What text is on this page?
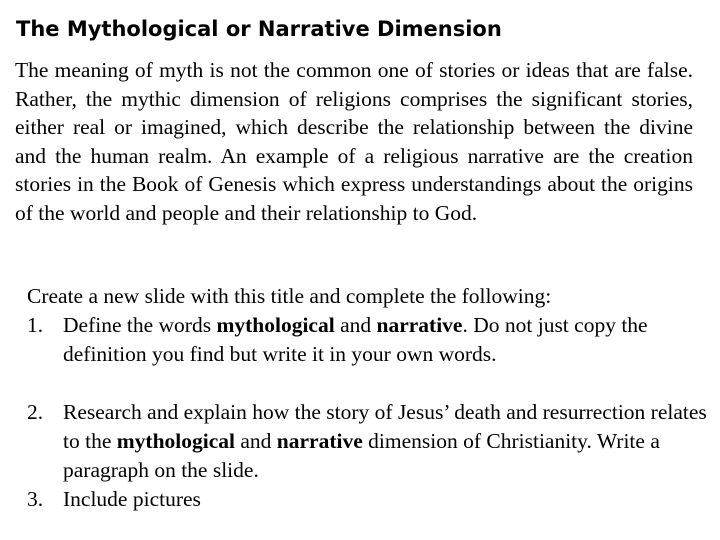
The Mythological or Narrative Dimension

The meaning of myth is not the common one of stories or ideas that are false. Rather, the mythic dimension of religions comprises the significant stories, either real or imagined, which describe the relationship between the divine and the human realm. An example of a religious narrative are the creation stories in the Book of Genesis which express understandings about the origins of the world and people and their relationship to God.

Create a new slide with this title and complete the following:

1. Define the words mythological and narrative. Do not just copy the definition you find but write it in your own words.
2. Research and explain how the story of Jesus’ death and resurrection relates to the mythological and narrative dimension of Christianity. Write a paragraph on the slide.
3. Include pictures
